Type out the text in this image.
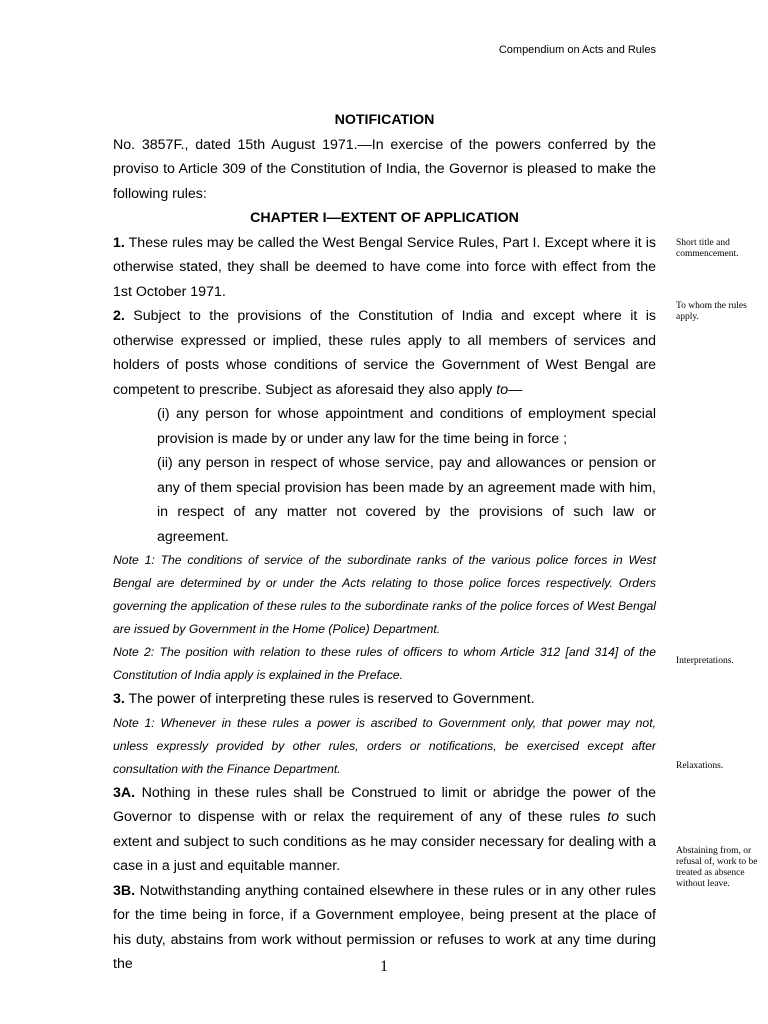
Compendium on Acts and Rules
NOTIFICATION

No. 3857F., dated 15th August 1971.—In exercise of the powers conferred by the proviso to Article 309 of the Constitution of India, the Governor is pleased to make the following rules:

CHAPTER I—EXTENT OF APPLICATION

1. These rules may be called the West Bengal Service Rules, Part I. Except where it is otherwise stated, they shall be deemed to have come into force with effect from the 1st October 1971.

2. Subject to the provisions of the Constitution of India and except where it is otherwise expressed or implied, these rules apply to all members of services and holders of posts whose conditions of service the Government of West Bengal are competent to prescribe. Subject as aforesaid they also apply to—

(i) any person for whose appointment and conditions of employment special provision is made by or under any law for the time being in force ;

(ii) any person in respect of whose service, pay and allowances or pension or any of them special provision has been made by an agreement made with him, in respect of any matter not covered by the provisions of such law or agreement.

Note 1: The conditions of service of the subordinate ranks of the various police forces in West Bengal are determined by or under the Acts relating to those police forces respectively. Orders governing the application of these rules to the subordinate ranks of the police forces of West Bengal are issued by Government in the Home (Police) Department.

Note 2: The position with relation to these rules of officers to whom Article 312 [and 314] of the Constitution of India apply is explained in the Preface.

3. The power of interpreting these rules is reserved to Government.

Note 1: Whenever in these rules a power is ascribed to Government only, that power may not, unless expressly provided by other rules, orders or notifications, be exercised except after consultation with the Finance Department.

3A. Nothing in these rules shall be Construed to limit or abridge the power of the Governor to dispense with or relax the requirement of any of these rules to such extent and subject to such conditions as he may consider necessary for dealing with a case in a just and equitable manner.

3B. Notwithstanding anything contained elsewhere in these rules or in any other rules for the time being in force, if a Government employee, being present at the place of his duty, abstains from work without permission or refuses to work at any time during the

Short title and commencement.
To whom the rules apply.
Interpretations.
Relaxations.
Abstaining from, or refusal of, work to be treated as absence without leave.
1
